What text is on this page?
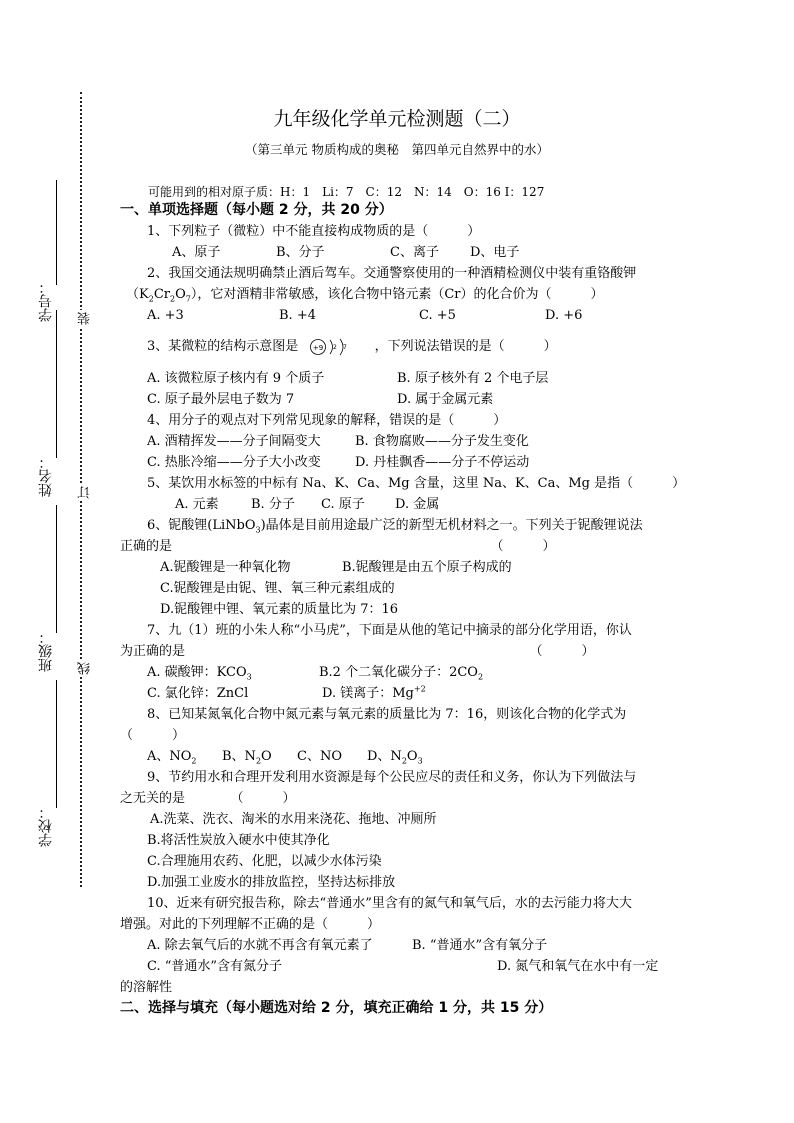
学号：
姓名：
班级：
学校：
装
订
线
九年级化学单元检测题（二）
（第三单元 物质构成的奥秘　第四单元自然界中的水）
可能用到的相对原子质：H：1　Li：7　C：12　N：14　O：16 I：127
一、单项选择题（每小题 2 分，共 20 分）
1、下列粒子（微粒）中不能直接构成物质的是（　　　）
A、原子	B、分子	C、离子 D、电子
2、我国交通法规明确禁止酒后驾车。交通警察使用的一种酒精检测仪中装有重铬酸钾
$(K_2Cr_2O_7)$，它对酒精非常敏感，该化合物中铬元素（Cr）的化合价为（　　　）
A. +3	B. +4	C. +5	D. +6
3、某微粒的结构示意图是 +9 2 7 ，下列说法错误的是（　　　）
A. 该微粒原子核内有 9 个质子	B. 原子核外有 2 个电子层
C. 原子最外层电子数为 7	D. 属于金属元素
4、用分子的观点对下列常见现象的解释，错误的是（　　　）
A. 酒精挥发——分子间隔变大	B. 食物腐败——分子发生变化
C. 热胀冷缩——分子大小改变	D. 丹桂飘香——分子不停运动
5、某饮用水标签的中标有 Na、K、Ca、Mg 含量，这里 Na、K、Ca、Mg 是指（　　　）
A. 元素 B. 分子 C. 原子 D. 金属
6、铌酸锂(LiNbO$_3$)晶体是目前用途最广泛的新型无机材料之一。下列关于铌酸锂说法
正确的是　　　　　　　　　　　　　　　　　　　　　　　　　（　　　）
A.铌酸锂是一种氧化物	B.铌酸锂是由五个原子构成的
C.铌酸锂是由铌、锂、氧三种元素组成的
D.铌酸锂中锂、氧元素的质量比为 7：16
7、九（1）班的小朱人称“小马虎”，下面是从他的笔记中摘录的部分化学用语，你认
为正确的是　　　　　　　　　　　　　　　　　　　　　　　　　　　（　　　）
A. 碳酸钾：$KCO_3$	B.2 个二氧化碳分子：$2CO_2$
C. 氯化锌：ZnCl	D. 镁离子：$Mg^{+2}$
8、已知某氮氧化合物中氮元素与氧元素的质量比为 7：16，则该化合物的化学式为
（　　　）
A、$NO_2$ B、$N_2O$ C、NO D、$N_2O_3$
9、节约用水和合理开发利用水资源是每个公民应尽的责任和义务，你认为下列做法与
之无关的是　　　　（　　　）
A.洗菜、洗衣、淘米的水用来浇花、拖地、冲厕所
B.将活性炭放入硬水中使其净化
C.合理施用农药、化肥，以减少水体污染
D.加强工业废水的排放监控，坚持达标排放
10、近来有研究报告称，除去“普通水”里含有的氮气和氧气后，水的去污能力将大大
增强。对此的下列理解不正确的是（　　　）
A. 除去氧气后的水就不再含有氧元素了	B. “普通水”含有氧分子
C. “普通水”含有氮分子	D. 氮气和氧气在水中有一定
的溶解性
二、选择与填充（每小题选对给 2 分，填充正确给 1 分，共 15 分）
